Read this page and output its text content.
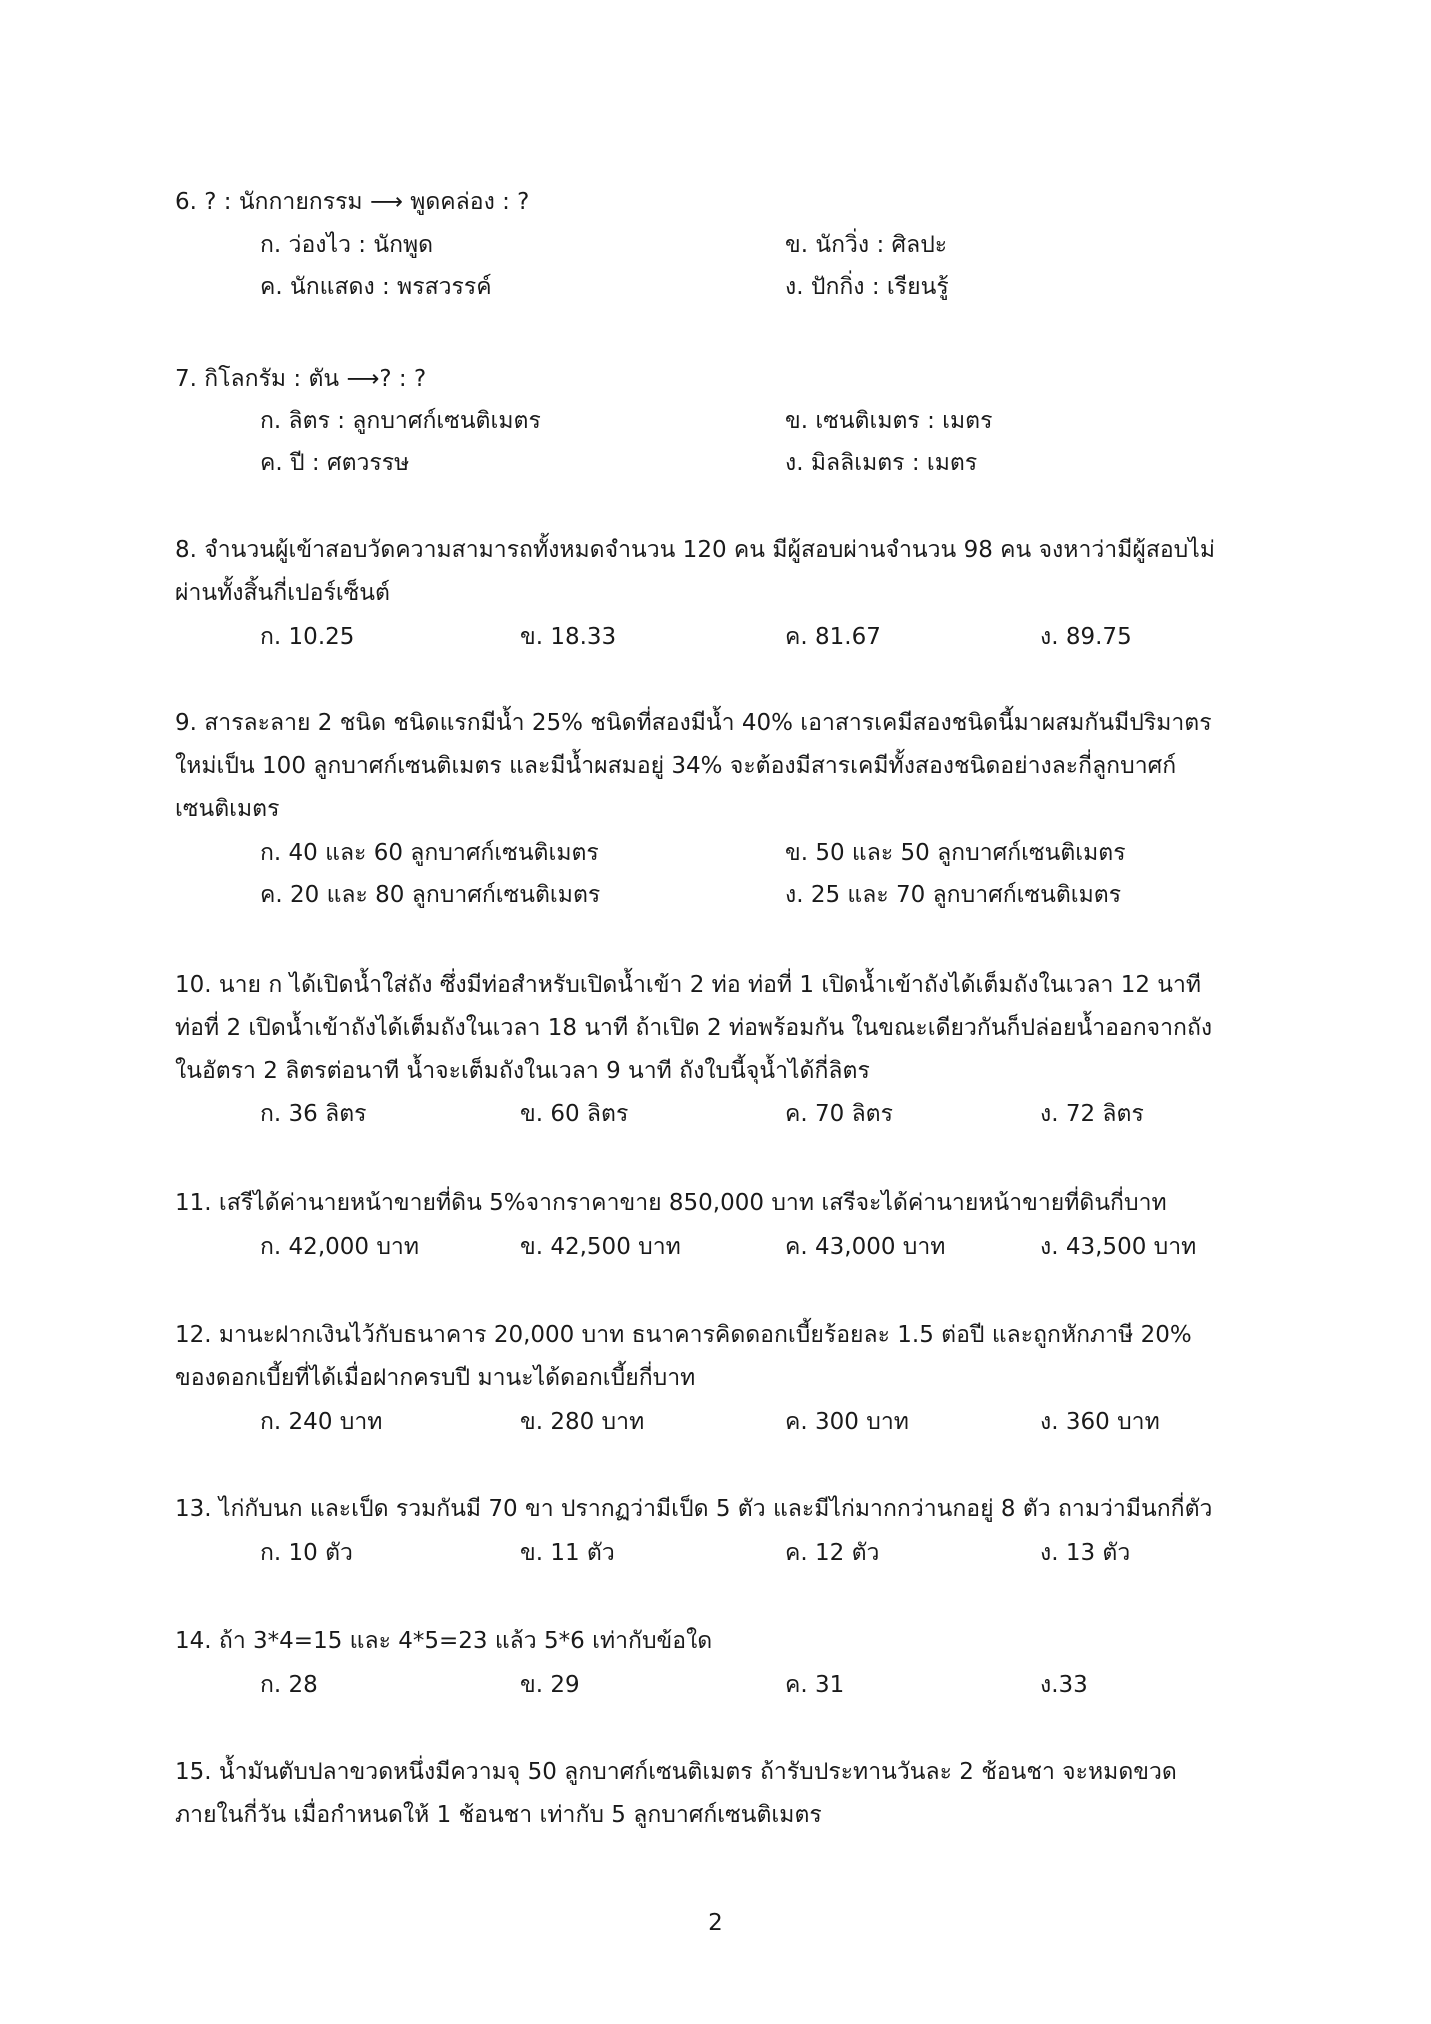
6. ? : นักกายกรรม ⟶ พูดคล่อง : ?
ก. ว่องไว : นักพูด	ข. นักวิ่ง : ศิลปะ
ค. นักแสดง : พรสวรรค์	ง. ปักกิ่ง : เรียนรู้
7. กิโลกรัม : ตัน ⟶? : ?
ก. ลิตร : ลูกบาศก์เซนติเมตร	ข. เซนติเมตร : เมตร
ค. ปี : ศตวรรษ	ง. มิลลิเมตร : เมตร
8. จำนวนผู้เข้าสอบวัดความสามารถทั้งหมดจำนวน 120 คน มีผู้สอบผ่านจำนวน 98 คน จงหาว่ามีผู้สอบไม่
ผ่านทั้งสิ้นกี่เปอร์เซ็นต์
ก. 10.25	ข. 18.33	ค. 81.67	ง. 89.75
9. สารละลาย 2 ชนิด ชนิดแรกมีน้ำ 25% ชนิดที่สองมีน้ำ 40% เอาสารเคมีสองชนิดนี้มาผสมกันมีปริมาตร
ใหม่เป็น 100 ลูกบาศก์เซนติเมตร และมีน้ำผสมอยู่ 34% จะต้องมีสารเคมีทั้งสองชนิดอย่างละกี่ลูกบาศก์
เซนติเมตร
ก. 40 และ 60 ลูกบาศก์เซนติเมตร	ข. 50 และ 50 ลูกบาศก์เซนติเมตร
ค. 20 และ 80 ลูกบาศก์เซนติเมตร	ง. 25 และ 70 ลูกบาศก์เซนติเมตร
10. นาย ก ได้เปิดน้ำใส่ถัง ซึ่งมีท่อสำหรับเปิดน้ำเข้า 2 ท่อ ท่อที่ 1 เปิดน้ำเข้าถังได้เต็มถังในเวลา 12 นาที
ท่อที่ 2 เปิดน้ำเข้าถังได้เต็มถังในเวลา 18 นาที ถ้าเปิด 2 ท่อพร้อมกัน ในขณะเดียวกันก็ปล่อยน้ำออกจากถัง
ในอัตรา 2 ลิตรต่อนาที น้ำจะเต็มถังในเวลา 9 นาที ถังใบนี้จุน้ำได้กี่ลิตร
ก. 36 ลิตร	ข. 60 ลิตร	ค. 70 ลิตร	ง. 72 ลิตร
11. เสรีได้ค่านายหน้าขายที่ดิน 5%จากราคาขาย 850,000 บาท เสรีจะได้ค่านายหน้าขายที่ดินกี่บาท
ก. 42,000 บาท	ข. 42,500 บาท	ค. 43,000 บาท	ง. 43,500 บาท
12. มานะฝากเงินไว้กับธนาคาร 20,000 บาท ธนาคารคิดดอกเบี้ยร้อยละ 1.5 ต่อปี และถูกหักภาษี 20%
ของดอกเบี้ยที่ได้เมื่อฝากครบปี มานะได้ดอกเบี้ยกี่บาท
ก. 240 บาท	ข. 280 บาท	ค. 300 บาท	ง. 360 บาท
13. ไก่กับนก และเป็ด รวมกันมี 70 ขา ปรากฏว่ามีเป็ด 5 ตัว และมีไก่มากกว่านกอยู่ 8 ตัว ถามว่ามีนกกี่ตัว
ก. 10 ตัว	ข. 11 ตัว	ค. 12 ตัว	ง. 13 ตัว
14. ถ้า 3*4=15 และ 4*5=23 แล้ว 5*6 เท่ากับข้อใด
ก. 28	ข. 29	ค. 31	ง.33
15. น้ำมันตับปลาขวดหนึ่งมีความจุ 50 ลูกบาศก์เซนติเมตร ถ้ารับประทานวันละ 2 ช้อนชา จะหมดขวด
ภายในกี่วัน เมื่อกำหนดให้ 1 ช้อนชา เท่ากับ 5 ลูกบาศก์เซนติเมตร
2
